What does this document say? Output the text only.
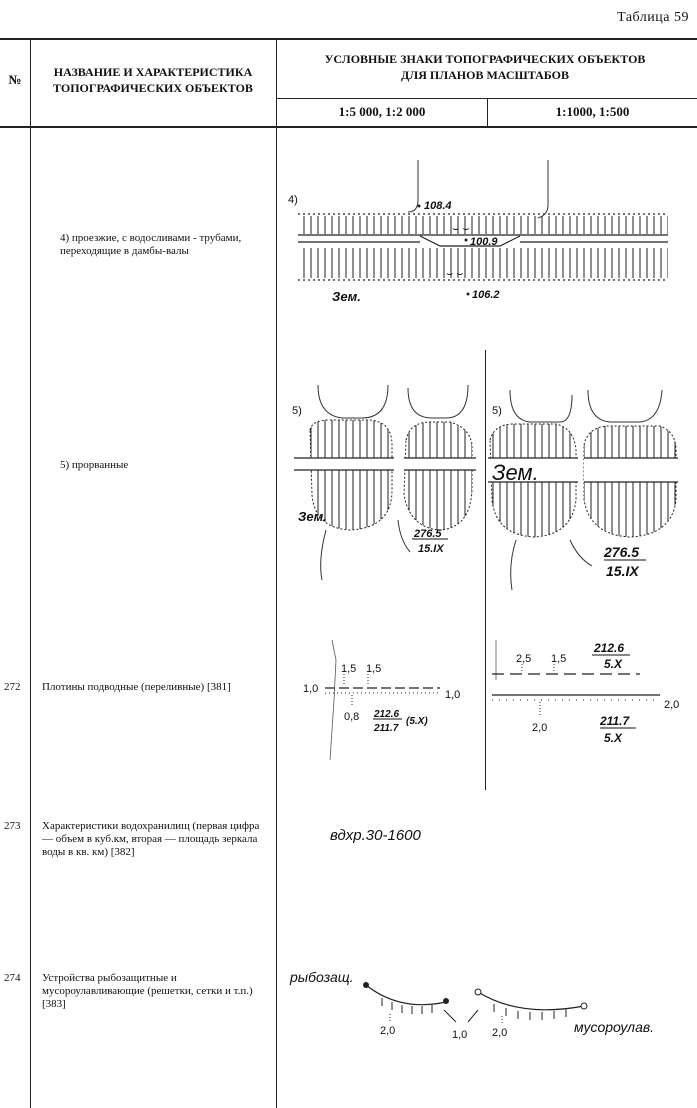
Таблица 59
№	НАЗВАНИЕ И ХАРАКТЕРИСТИКА ТОПОГРАФИЧЕСКИХ ОБЪЕКТОВ
УСЛОВНЫЕ ЗНАКИ ТОПОГРАФИЧЕСКИХ ОБЪЕКТОВ ДЛЯ ПЛАНОВ МАСШТАБОВ
1:5 000, 1:2 000	1:1000, 1:500
4) проезжие, с водосливами - трубами, переходящие в дамбы-валы
5) прорванные
272 Плотины подводные (переливные) [381]
273 Характеристики водохранилищ (первая цифра — объем в куб.км, вторая — площадь зеркала воды в кв. км) [382]
274 Устройства рыбозащитные и мусороулавливающие (решетки, сетки и т.п.) [383]
⌣ ⌣
⌣ ⌣
4)	108.4
100.9
106.2
Зем.
5)
Зем.
276.5
15.IX
5)
Зем.
276.5
15.IX
1,5 1,5
1,0	1,0
0,8 212.6
211.7
(5.X)
2,5 1,5
212.6
5.X
2,0
2,0
211.7
5.X
вдхр.30-1600
рыбозащ.
мусороулав.
2,0	1,0 2,0
